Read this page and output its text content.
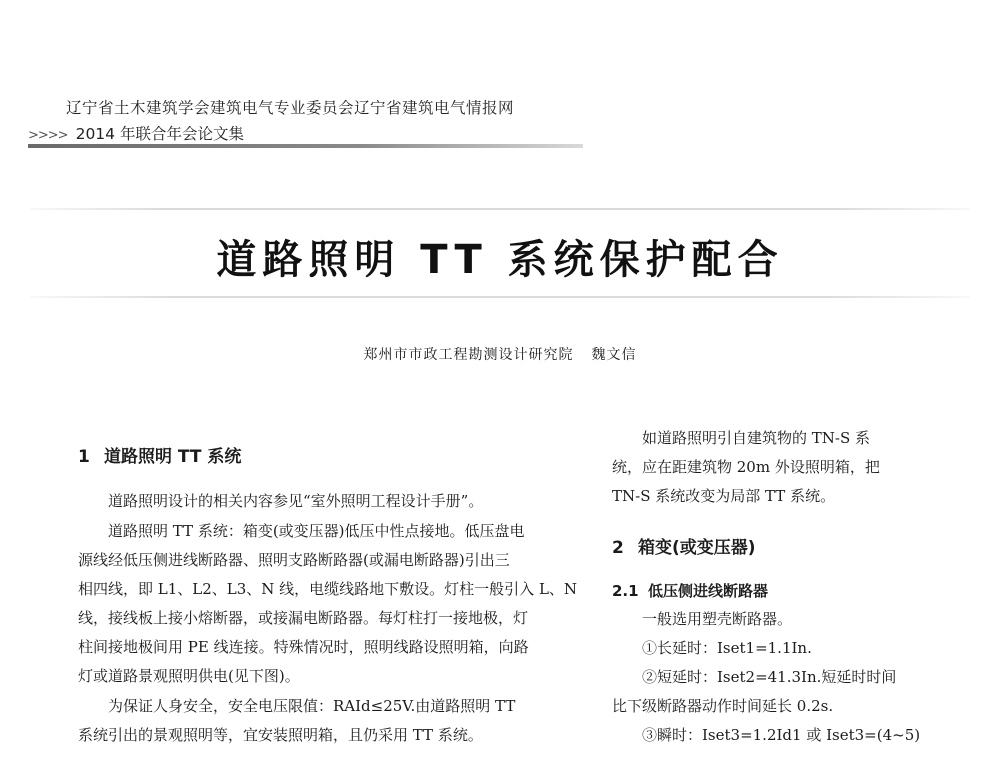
辽宁省土木建筑学会建筑电气专业委员会辽宁省建筑电气情报网
>>>> 2014 年联合年会论文集
道路照明 TT 系统保护配合
郑州市市政工程勘测设计研究院 魏文信
1 道路照明 TT 系统

道路照明设计的相关内容参见“室外照明工程设计手册”。

道路照明 TT 系统：箱变(或变压器)低压中性点接地。低压盘电
源线经低压侧进线断路器、照明支路断路器(或漏电断路器)引出三
相四线，即 L1、L2、L3、N 线，电缆线路地下敷设。灯柱一般引入 L、N
线，接线板上接小熔断器，或接漏电断路器。每灯柱打一接地极，灯
柱间接地极间用 PE 线连接。特殊情况时，照明线路设照明箱，向路
灯或道路景观照明供电(见下图)。

为保证人身安全，安全电压限值：RAId≤25V.由道路照明 TT
系统引出的景观照明等，宜安装照明箱，且仍采用 TT 系统。

如道路照明引自建筑物的 TN-S 系
统，应在距建筑物 20m 外设照明箱，把
TN-S 系统改变为局部 TT 系统。

2 箱变(或变压器)
2.1 低压侧进线断路器

一般选用塑壳断路器。
①长延时：Iset1=1.1In.
②短延时：Iset2=41.3In.短延时时间
比下级断路器动作时间延长 0.2s.
③瞬时：Iset3=1.2Id1 或 Iset3=(4~5)
